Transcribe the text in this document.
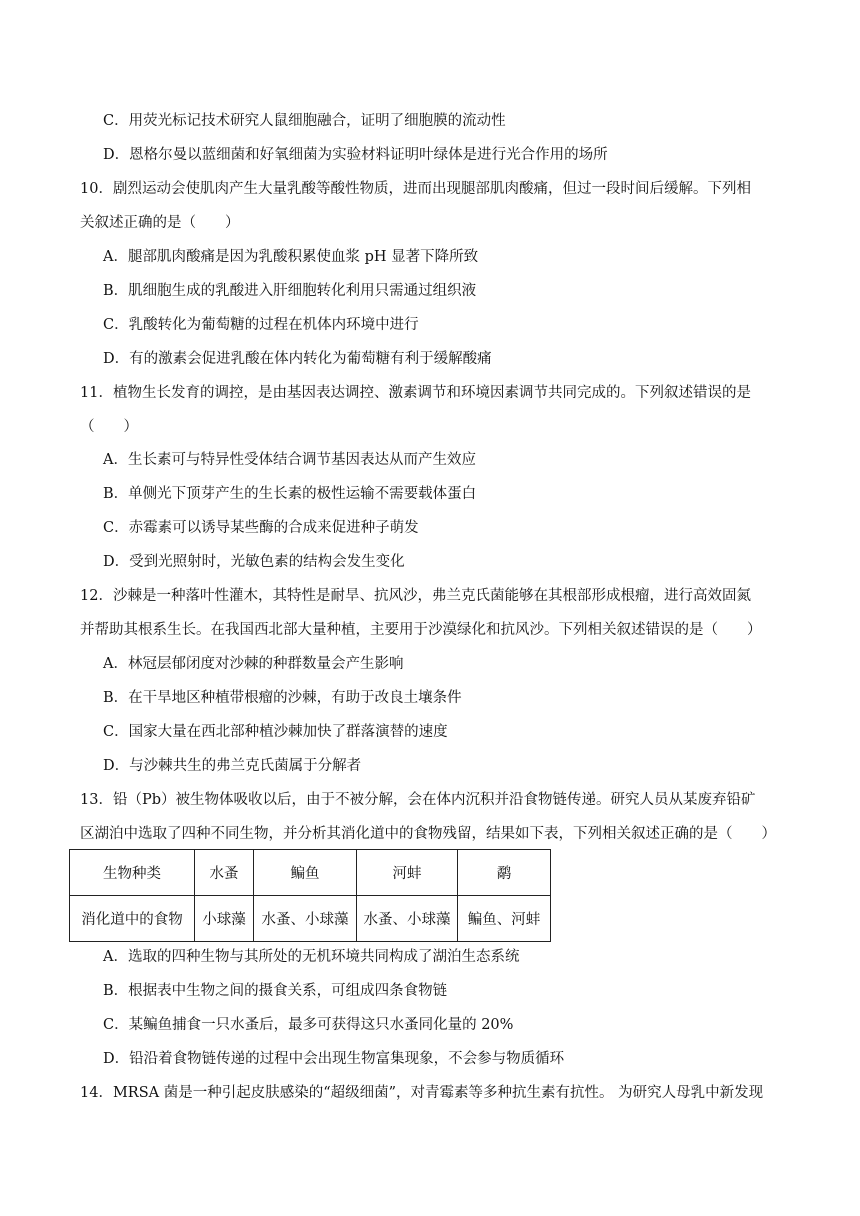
C．用荧光标记技术研究人鼠细胞融合，证明了细胞膜的流动性
D．恩格尔曼以蓝细菌和好氧细菌为实验材料证明叶绿体是进行光合作用的场所
10．剧烈运动会使肌肉产生大量乳酸等酸性物质，进而出现腿部肌肉酸痛，但过一段时间后缓解。下列相
关叙述正确的是（　　）
A．腿部肌肉酸痛是因为乳酸积累使血浆 pH 显著下降所致
B．肌细胞生成的乳酸进入肝细胞转化利用只需通过组织液
C．乳酸转化为葡萄糖的过程在机体内环境中进行
D．有的激素会促进乳酸在体内转化为葡萄糖有利于缓解酸痛
11．植物生长发育的调控，是由基因表达调控、激素调节和环境因素调节共同完成的。下列叙述错误的是
（　　）
A．生长素可与特异性受体结合调节基因表达从而产生效应
B．单侧光下顶芽产生的生长素的极性运输不需要载体蛋白
C．赤霉素可以诱导某些酶的合成来促进种子萌发
D．受到光照射时，光敏色素的结构会发生变化
12．沙棘是一种落叶性灌木，其特性是耐旱、抗风沙，弗兰克氏菌能够在其根部形成根瘤，进行高效固氮
并帮助其根系生长。在我国西北部大量种植，主要用于沙漠绿化和抗风沙。下列相关叙述错误的是（　　）
A．林冠层郁闭度对沙棘的种群数量会产生影响
B．在干旱地区种植带根瘤的沙棘，有助于改良土壤条件
C．国家大量在西北部种植沙棘加快了群落演替的速度
D．与沙棘共生的弗兰克氏菌属于分解者
13．铅（Pb）被生物体吸收以后，由于不被分解，会在体内沉积并沿食物链传递。研究人员从某废弃铅矿
区湖泊中选取了四种不同生物，并分析其消化道中的食物残留，结果如下表，下列相关叙述正确的是（　　）
生物种类	水蚤	鳊鱼	河蚌	鹬
消化道中的食物	小球藻	水蚤、小球藻	水蚤、小球藻	鳊鱼、河蚌
A．选取的四种生物与其所处的无机环境共同构成了湖泊生态系统
B．根据表中生物之间的摄食关系，可组成四条食物链
C．某鳊鱼捕食一只水蚤后，最多可获得这只水蚤同化量的 20%
D．铅沿着食物链传递的过程中会出现生物富集现象，不会参与物质循环
14．MRSA 菌是一种引起皮肤感染的“超级细菌”，对青霉素等多种抗生素有抗性。 为研究人母乳中新发现
